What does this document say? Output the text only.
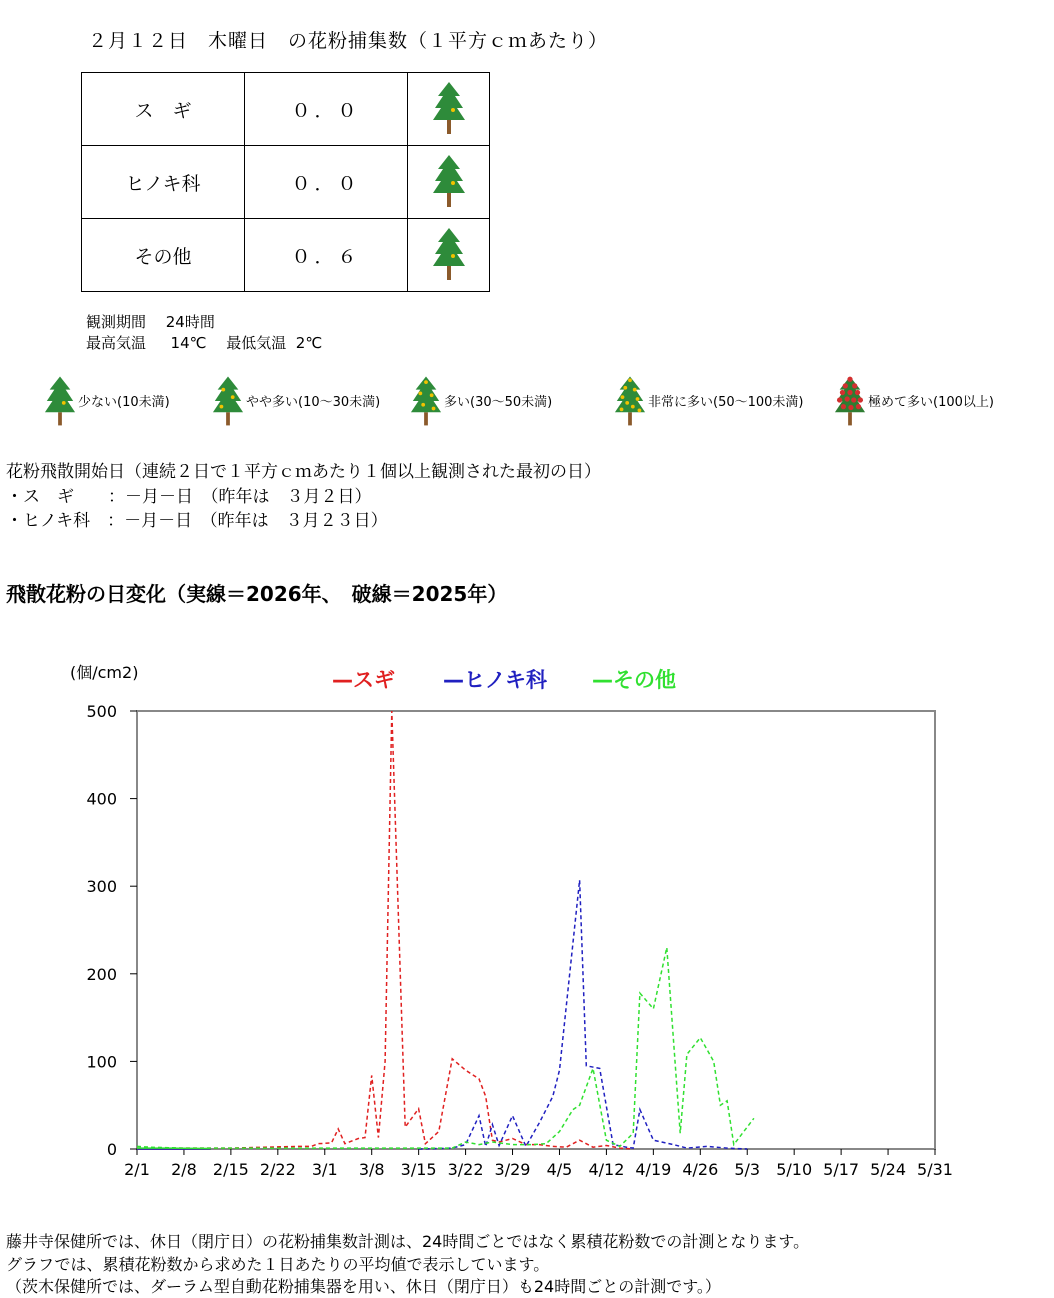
２月１２日　木曜日　の花粉捕集数（１平方ｃｍあたり）
ス　ギ	０．０	
ヒノキ科	０．０	
その他	０．６	
観測期間　 24時間
最高気温　  14℃　 最低気温  2℃
少ない(10未満)	やや多い(10～30未満)	多い(30～50未満)	非常に多い(50～100未満)	極めて多い(100以上)
花粉飛散開始日（連続２日で１平方ｃｍあたり１個以上観測された最初の日）
・ス　ギ　　：－月－日　（昨年は　３月２日）
・ヒノキ科　：－月－日　（昨年は　３月２３日）
飛散花粉の日変化（実線＝2026年、　破線＝2025年）
(個/cm2)
0
100
200
300
400
500
2/1 2/8 2/15 2/22 3/1 3/8 3/15 3/22 3/29 4/5 4/12 4/19 4/26 5/3 5/10 5/17 5/24 5/31
—スギ —ヒノキ科 —その他
藤井寺保健所では、休日（閉庁日）の花粉捕集数計測は、24時間ごとではなく累積花粉数での計測となります。
グラフでは、累積花粉数から求めた１日あたりの平均値で表示しています。
（茨木保健所では、ダーラム型自動花粉捕集器を用い、休日（閉庁日）も24時間ごとの計測です。）
